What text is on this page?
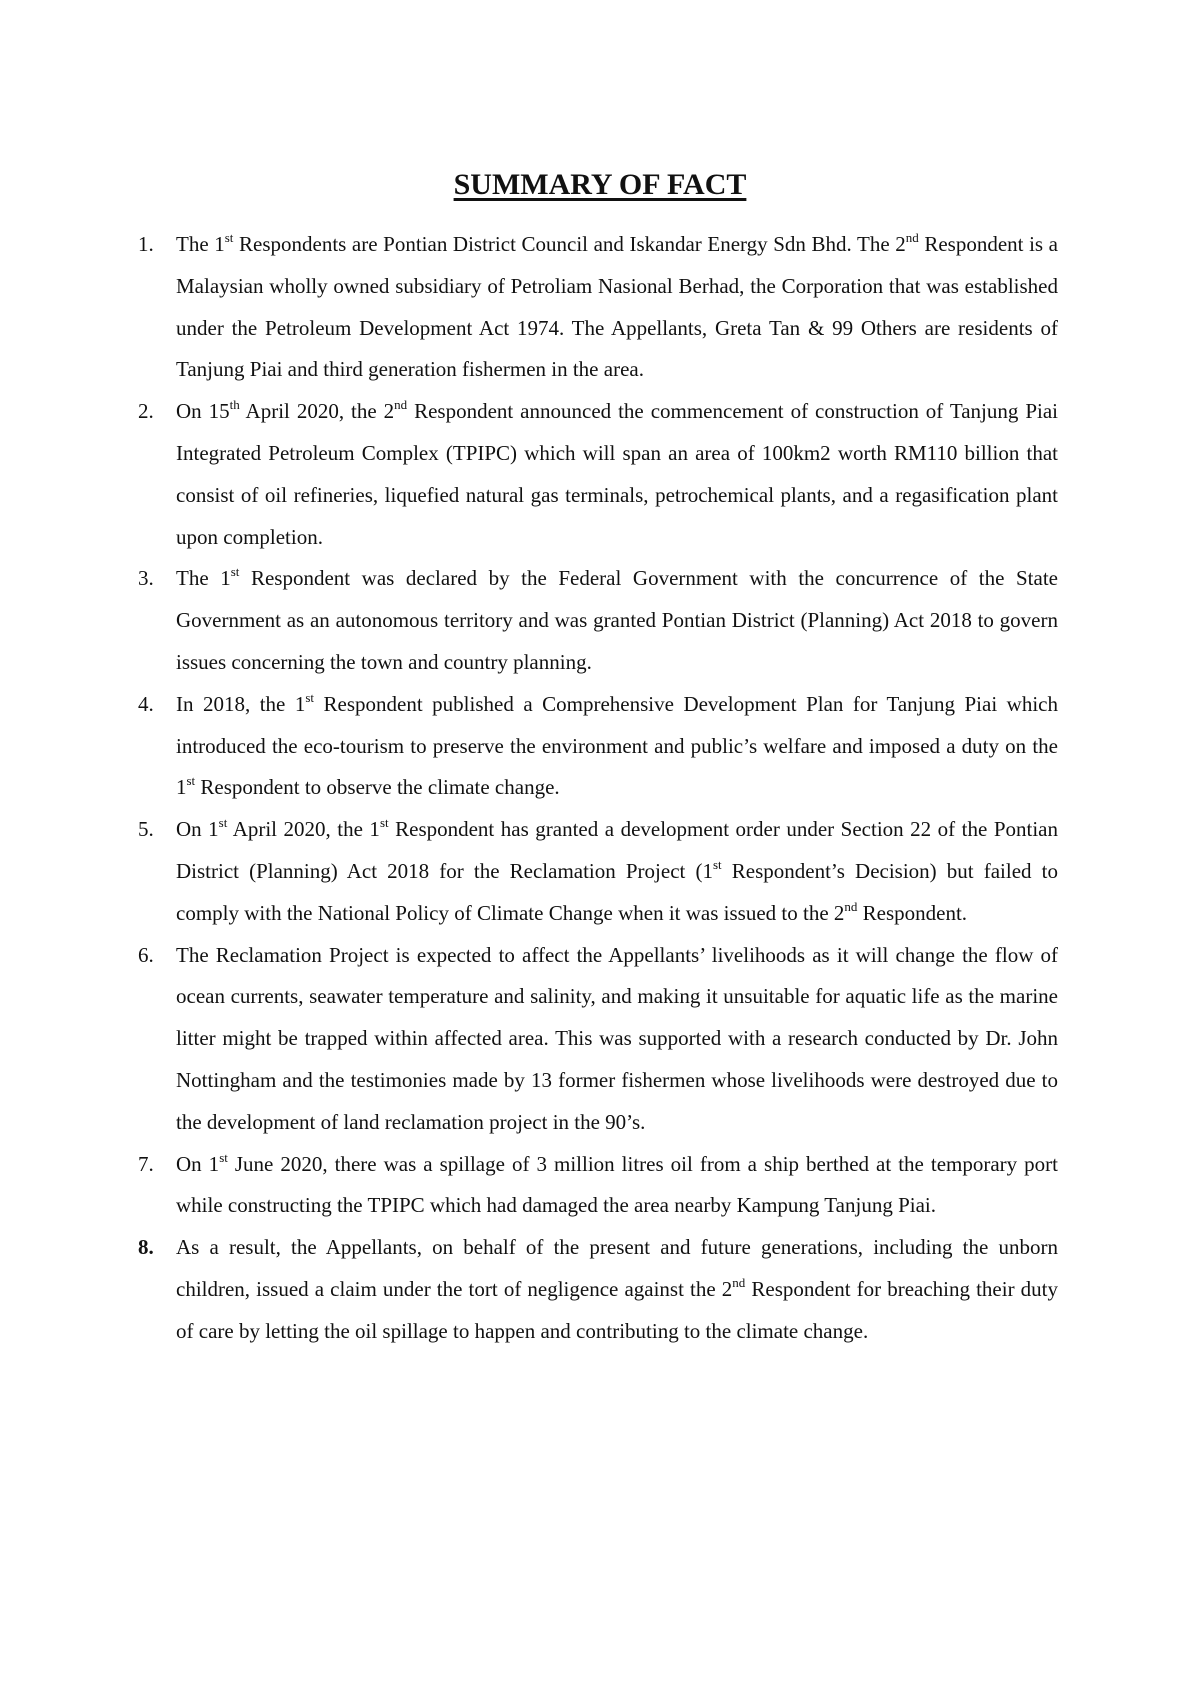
SUMMARY OF FACT
1. The 1st Respondents are Pontian District Council and Iskandar Energy Sdn Bhd. The 2nd Respondent is a Malaysian wholly owned subsidiary of Petroliam Nasional Berhad, the Corporation that was established under the Petroleum Development Act 1974. The Appellants, Greta Tan & 99 Others are residents of Tanjung Piai and third generation fishermen in the area.
2. On 15th April 2020, the 2nd Respondent announced the commencement of construction of Tanjung Piai Integrated Petroleum Complex (TPIPC) which will span an area of 100km2 worth RM110 billion that consist of oil refineries, liquefied natural gas terminals, petrochemical plants, and a regasification plant upon completion.
3. The 1st Respondent was declared by the Federal Government with the concurrence of the State Government as an autonomous territory and was granted Pontian District (Planning) Act 2018 to govern issues concerning the town and country planning.
4. In 2018, the 1st Respondent published a Comprehensive Development Plan for Tanjung Piai which introduced the eco-tourism to preserve the environment and public’s welfare and imposed a duty on the 1st Respondent to observe the climate change.
5. On 1st April 2020, the 1st Respondent has granted a development order under Section 22 of the Pontian District (Planning) Act 2018 for the Reclamation Project (1st Respondent’s Decision) but failed to comply with the National Policy of Climate Change when it was issued to the 2nd Respondent.
6. The Reclamation Project is expected to affect the Appellants’ livelihoods as it will change the flow of ocean currents, seawater temperature and salinity, and making it unsuitable for aquatic life as the marine litter might be trapped within affected area. This was supported with a research conducted by Dr. John Nottingham and the testimonies made by 13 former fishermen whose livelihoods were destroyed due to the development of land reclamation project in the 90’s.
7. On 1st June 2020, there was a spillage of 3 million litres oil from a ship berthed at the temporary port while constructing the TPIPC which had damaged the area nearby Kampung Tanjung Piai.
8. As a result, the Appellants, on behalf of the present and future generations, including the unborn children, issued a claim under the tort of negligence against the 2nd Respondent for breaching their duty of care by letting the oil spillage to happen and contributing to the climate change.
